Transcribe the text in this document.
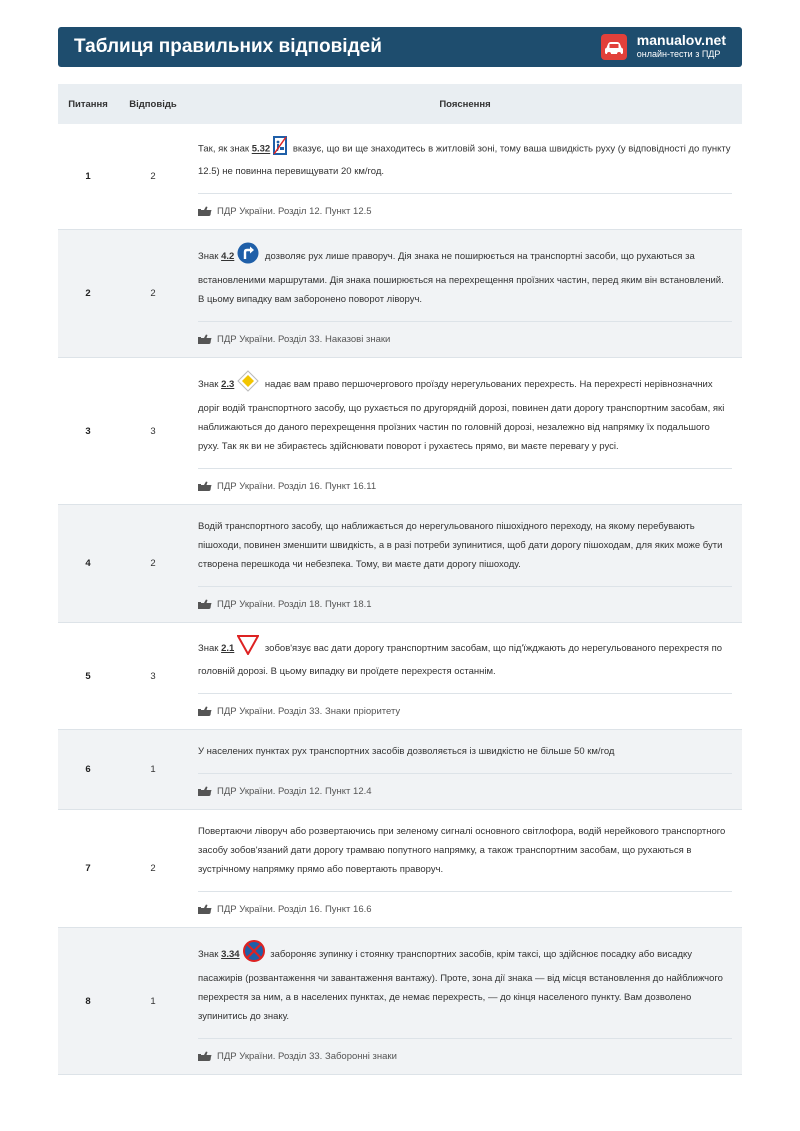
Таблиця правильних відповідей	manualov.net
онлайн-тести з ПДР
Питання	Відповідь	Пояснення
1	2	Так, як знак 5.32 вказує, що ви ще знаходитесь в житловій зоні, тому ваша швидкість руху (у відповідності до пункту 12.5) не повинна перевищувати 20 км/год.
ПДР України. Розділ 12. Пункт 12.5

2	2	Знак 4.2 дозволяє рух лише праворуч. Дія знака не поширюється на транспортні засоби, що рухаються за встановленими маршрутами. Дія знака поширюється на перехрещення проїзних частин, перед яким він встановлений. В цьому випадку вам заборонено поворот ліворуч.
ПДР України. Розділ 33. Наказові знаки

3	3	Знак 2.3 надає вам право першочергового проїзду нерегульованих перехресть. На перехресті нерівнозначних доріг водій транспортного засобу, що рухається по другорядній дорозі, повинен дати дорогу транспортним засобам, які наближаються до даного перехрещення проїзних частин по головній дорозі, незалежно від напрямку їх подальшого руху. Так як ви не збираєтесь здійснювати поворот і рухаєтесь прямо, ви маєте перевагу у русі.
ПДР України. Розділ 16. Пункт 16.11

4	2	Водій транспортного засобу, що наближається до нерегульованого пішохідного переходу, на якому перебувають пішоходи, повинен зменшити швидкість, а в разі потреби зупинитися, щоб дати дорогу пішоходам, для яких може бути створена перешкода чи небезпека. Тому, ви маєте дати дорогу пішоходу.
ПДР України. Розділ 18. Пункт 18.1

5	3	Знак 2.1 зобов'язує вас дати дорогу транспортним засобам, що під'їжджають до нерегульованого перехрестя по головній дорозі. В цьому випадку ви проїдете перехрестя останнім.
ПДР України. Розділ 33. Знаки пріоритету

6	1	У населених пунктах рух транспортних засобів дозволяється із швидкістю не більше 50 км/год
ПДР України. Розділ 12. Пункт 12.4

7	2	Повертаючи ліворуч або розвертаючись при зеленому сигналі основного світлофора, водій нерейкового транспортного засобу зобов'язаний дати дорогу трамваю попутного напрямку, а також транспортним засобам, що рухаються в зустрічному напрямку прямо або повертають праворуч.
ПДР України. Розділ 16. Пункт 16.6

8	1	Знак 3.34 забороняє зупинку і стоянку транспортних засобів, крім таксі, що здійснює посадку або висадку пасажирів (розвантаження чи завантаження вантажу). Проте, зона дії знака — від місця встановлення до найближчого перехрестя за ним, а в населених пунктах, де немає перехресть, — до кінця населеного пункту. Вам дозволено зупинитись до знаку.
ПДР України. Розділ 33. Заборонні знаки
